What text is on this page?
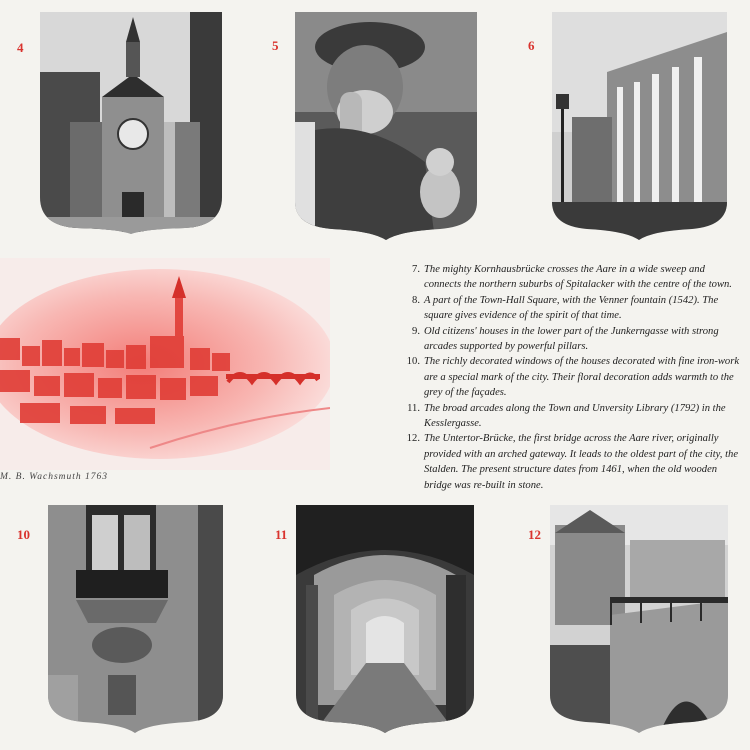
4	5	6
10	11	12
M. B. Wachsmuth 1763
7. The mighty Kornhausbrücke crosses the Aare in a wide sweep and connects the northern suburbs of Spitalacker with the centre of the town.
8. A part of the Town-Hall Square, with the Venner fountain (1542). The square gives evidence of the spirit of that time.
9. Old citizens' houses in the lower part of the Junkerngasse with strong arcades supported by powerful pillars.
10. The richly decorated windows of the houses decorated with fine iron-work are a special mark of the city. Their floral decoration adds warmth to the grey of the façades.
11. The broad arcades along the Town and Unversity Library (1792) in the Kesslergasse.
12. The Untertor-Brücke, the first bridge across the Aare river, originally provided with an arched gateway. It leads to the oldest part of the city, the Stalden. The present structure dates from 1461, when the old wooden bridge was re-built in stone.
